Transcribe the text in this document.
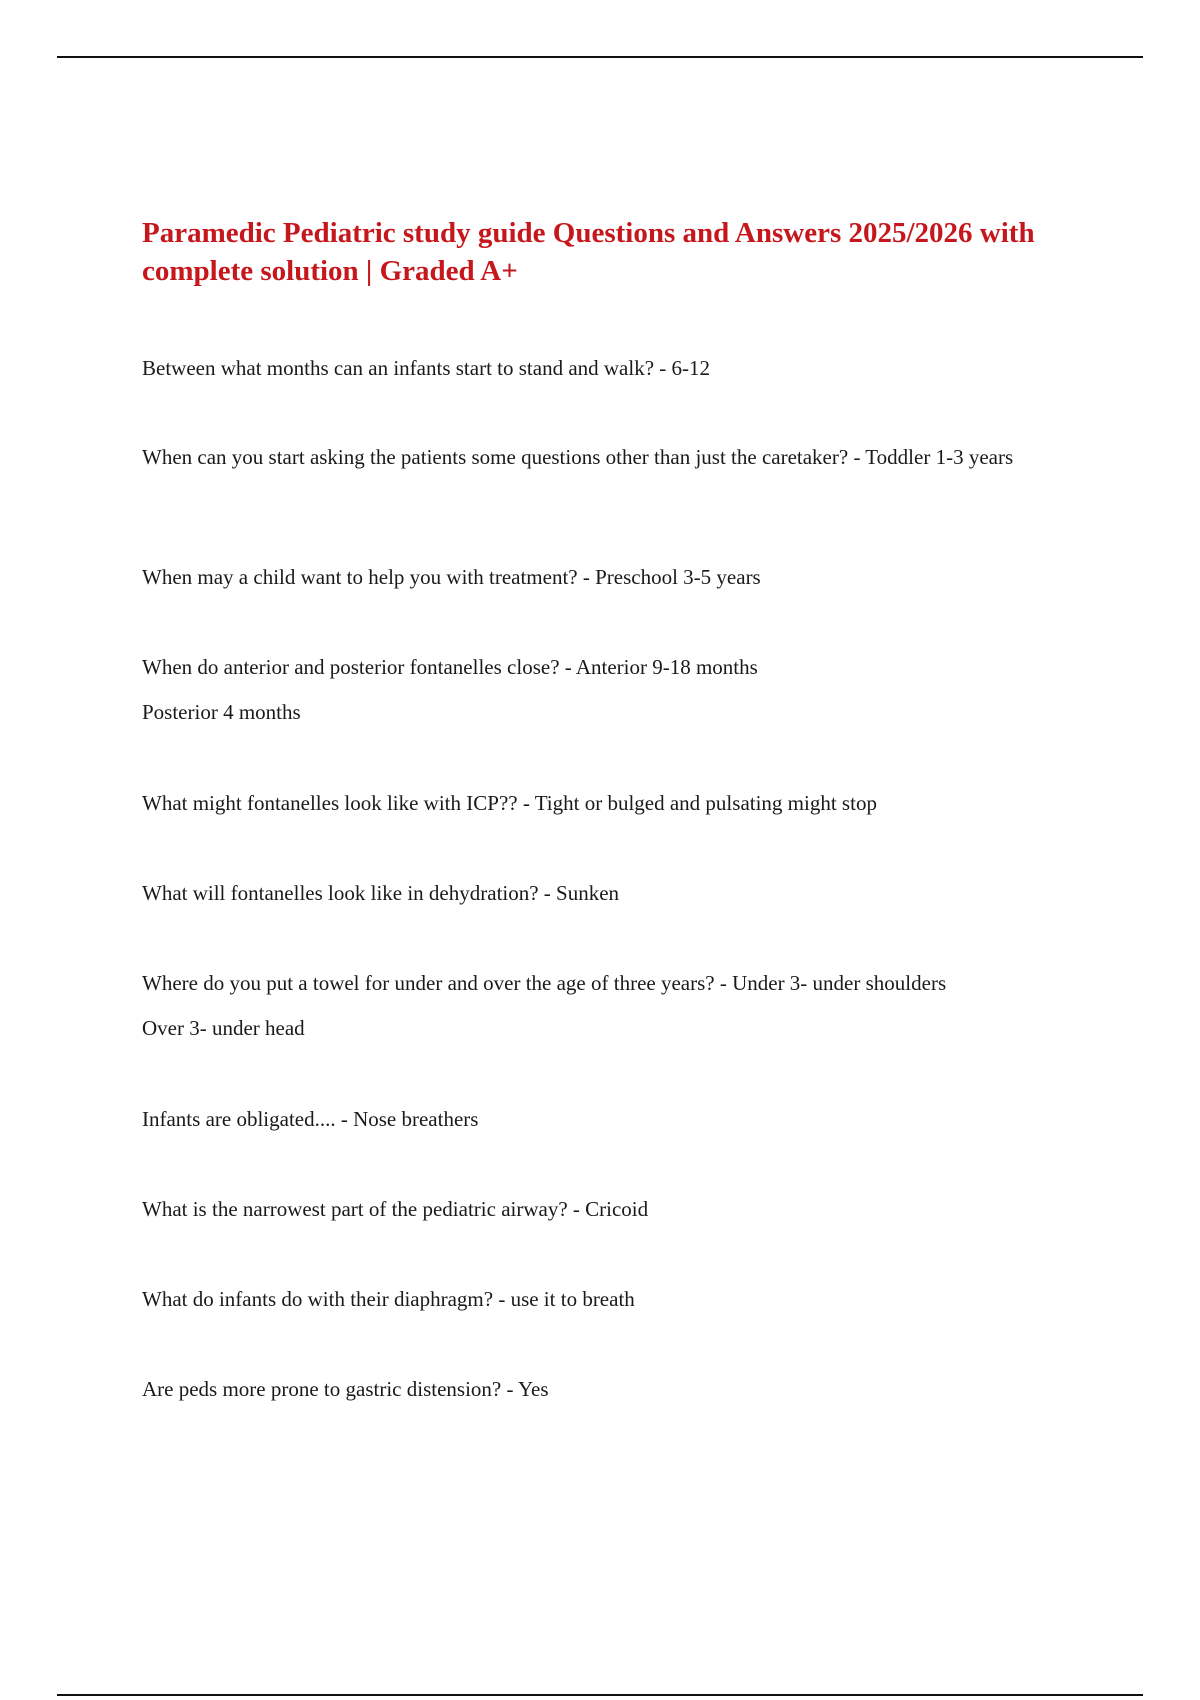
Paramedic Pediatric study guide Questions and Answers 2025/2026 with complete solution | Graded A+
Between what months can an infants start to stand and walk? - 6-12
When can you start asking the patients some questions other than just the caretaker? - Toddler 1-3 years
When may a child want to help you with treatment? - Preschool 3-5 years
When do anterior and posterior fontanelles close? - Anterior 9-18 months
Posterior 4 months
What might fontanelles look like with ICP?? - Tight or bulged and pulsating might stop
What will fontanelles look like in dehydration? - Sunken
Where do you put a towel for under and over the age of three years? - Under 3- under shoulders
Over 3- under head
Infants are obligated.... - Nose breathers
What is the narrowest part of the pediatric airway? - Cricoid
What do infants do with their diaphragm? - use it to breath
Are peds more prone to gastric distension? - Yes
